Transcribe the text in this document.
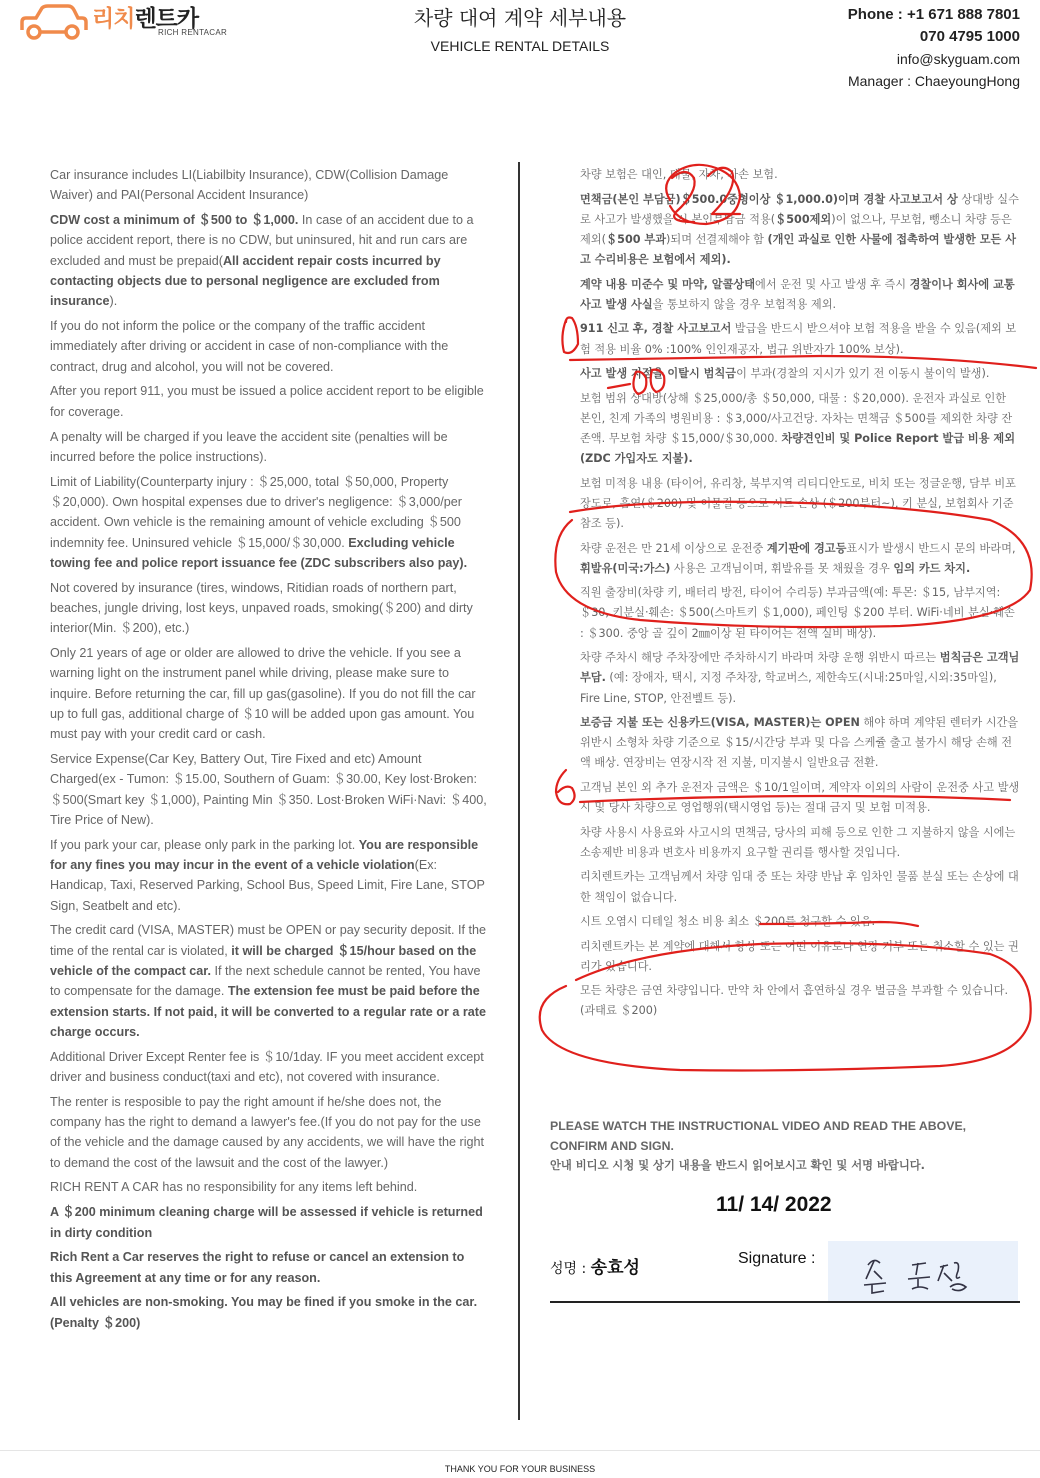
리치렌트카
RICH RENTACAR
차량 대여 계약 세부내용
VEHICLE RENTAL DETAILS
Phone : +1 671 888 7801
070 4795 1000
info@skyguam.com
Manager : ChaeyoungHong

Car insurance includes LI(Liabilbity Insurance), CDW(Collision Damage Waiver) and PAI(Personal Accident Insurance)

CDW cost a minimum of ＄500 to ＄1,000. In case of an accident due to a police accident report, there is no CDW, but uninsured, hit and run cars are excluded and must be prepaid(All accident repair costs incurred by contacting objects due to personal negligence are excluded from insurance).

If you do not inform the police or the company of the traffic accident immediately after driving or accident in case of non-compliance with the contract, drug and alcohol, you will not be covered.

After you report 911, you must be issued a police accident report to be eligible for coverage.

A penalty will be charged if you leave the accident site (penalties will be incurred before the police instructions).

Limit of Liability(Counterparty injury : ＄25,000, total ＄50,000, Property ＄20,000). Own hospital expenses due to driver's negligence: ＄3,000/per accident. Own vehicle is the remaining amount of vehicle excluding ＄500 indemnity fee. Uninsured vehicle ＄15,000/＄30,000. Excluding vehicle towing fee and police report issuance fee (ZDC subscribers also pay).

Not covered by insurance (tires, windows, Ritidian roads of northern part, beaches, jungle driving, lost keys, unpaved roads, smoking(＄200) and dirty interior(Min. ＄200), etc.)

Only 21 years of age or older are allowed to drive the vehicle. If you see a warning light on the instrument panel while driving, please make sure to inquire. Before returning the car, fill up gas(gasoline). If you do not fill the car up to full gas, additional charge of ＄10 will be added upon gas amount. You must pay with your credit card or cash.

Service Expense(Car Key, Battery Out, Tire Fixed and etc) Amount Charged(ex - Tumon: ＄15.00, Southern of Guam: ＄30.00, Key lost·Broken: ＄500(Smart key ＄1,000), Painting Min ＄350. Lost·Broken WiFi·Navi: ＄400, Tire Price of New).

If you park your car, please only park in the parking lot. You are responsible for any fines you may incur in the event of a vehicle violation(Ex: Handicap, Taxi, Reserved Parking, School Bus, Speed Limit, Fire Lane, STOP Sign, Seatbelt and etc).

The credit card (VISA, MASTER) must be OPEN or pay security deposit. If the time of the rental car is violated, it will be charged ＄15/hour based on the vehicle of the compact car. If the next schedule cannot be rented, You have to compensate for the damage. The extension fee must be paid before the extension starts. If not paid, it will be converted to a regular rate or a rate charge occurs.

Additional Driver Except Renter fee is ＄10/1day. IF you meet accident except driver and business conduct(taxi and etc), not covered with insurance.

The renter is resposible to pay the right amount if he/she does not, the company has the right to demand a lawyer's fee.(If you do not pay for the use of the vehicle and the damage caused by any accidents, we will have the right to demand the cost of the lawsuit and the cost of the lawyer.)

RICH RENT A CAR has no responsibility for any items left behind.

A ＄200 minimum cleaning charge will be assessed if vehicle is returned in dirty condition

Rich Rent a Car reserves the right to refuse or cancel an extension to this Agreement at any time or for any reason.

All vehicles are non-smoking. You may be fined if you smoke in the car. (Penalty ＄200)

차량 보험은 대인, 대물, 자차, 자손 보험.

면책금(본인 부담금)＄500.0중형이상 ＄1,000.0)이며 경찰 사고보고서 상 상대방 실수로 사고가 발생했을 시 본인부담금 적용(＄500제외)이 없으나, 무보험, 뺑소니 차량 등은 제외(＄500 부과)되며 선결제해야 함 (개인 과실로 인한 사물에 접촉하여 발생한 모든 사고 수리비용은 보험에서 제외).

계약 내용 미준수 및 마약, 알콜상태에서 운전 및 사고 발생 후 즉시 경찰이나 회사에 교통 사고 발생 사실을 통보하지 않을 경우 보험적용 제외.

911 신고 후, 경찰 사고보고서 발급을 반드시 받으셔야 보험 적용을 받을 수 있음(제외 보험 적용 비율 0% :100% 인인재공자, 법규 위반자가 100% 보상).

사고 발생 지점을 이탈시 범칙금이 부과(경찰의 지시가 있기 전 이동시 불이익 발생).

보험 범위 상대방(상해 ＄25,000/총 ＄50,000, 대물 : ＄20,000). 운전자 과실로 인한 본인, 친계 가족의 병원비용 : ＄3,000/사고건당. 자차는 면책금 ＄500를 제외한 차량 잔존액. 무보험 차량 ＄15,000/＄30,000. 차량견인비 및 Police Report 발급 비용 제외 (ZDC 가입자도 지불).

보험 미적용 내용 (타이어, 유리창, 북부지역 리티디안도로, 비치 또는 정글운행, 담부 비포장도로, 흡연(＄200) 및 이물질 등으로 시트 손상 (＄200부터~), 키 분실, 보험회사 기준 참조 등).

차량 운전은 만 21세 이상으로 운전중 계기판에 경고등표시가 발생시 반드시 문의 바라며, 휘발유(미국:가스) 사용은 고객님이며, 휘발유를 못 채웠을 경우 임의 카드 차지.

직원 출장비(차량 키, 배터리 방전, 타이어 수리등) 부과금액(예: 투몬: ＄15, 남부지역: ＄30, 키분실·훼손: ＄500(스마트키 ＄1,000), 페인팅 ＄200 부터. WiFi·네비 분실·훼손 : ＄300. 중앙 골 깊이 2㎜이상 된 타이어는 전액 실비 배상).

차량 주차시 해당 주차장에만 주차하시기 바라며 차량 운행 위반시 따르는 범칙금은 고객님 부담. (예: 장애자, 택시, 지정 주차장, 학교버스, 제한속도(시내:25마일,시외:35마일), Fire Line, STOP, 안전벨트 등).

보증금 지불 또는 신용카드(VISA, MASTER)는 OPEN 해야 하며 계약된 렌터카 시간을 위반시 소형차 차량 기준으로 ＄15/시간당 부과 및 다음 스케쥴 출고 불가시 해당 손해 전액 배상. 연장비는 연장시작 전 지불, 미지불시 일반요금 전환.

고객님 본인 외 추가 운전자 금액은 ＄10/1일이며, 계약자 이외의 사람이 운전중 사고 발생시 및 당사 차량으로 영업행위(택시영업 등)는 절대 금지 및 보험 미적용.

차량 사용시 사용료와 사고시의 면책금, 당사의 피해 등으로 인한 그 지불하지 않을 시에는 소송제반 비용과 변호사 비용까지 요구할 권리를 행사할 것입니다.

리치렌트카는 고객님께서 차량 임대 중 또는 차량 반납 후 임차인 물품 분실 또는 손상에 대한 책임이 없습니다.

시트 오염시 디테일 청소 비용 최소 ＄200를 청구할 수 있음.

리치렌트카는 본 계약에 대해서 항상 또는 어떤 이유로나 연장 거부 또는 취소할 수 있는 권리가 있습니다.

모든 차량은 금연 차량입니다. 만약 차 안에서 흡연하실 경우 벌금을 부과할 수 있습니다. (과태료 ＄200)

PLEASE WATCH THE INSTRUCTIONAL VIDEO AND READ THE ABOVE, CONFIRM AND SIGN.
안내 비디오 시청 및 상기 내용을 반드시 읽어보시고 확인 및 서명 바랍니다.
11/ 14/ 2022
성명 : 송효성	Signature :
THANK YOU FOR YOUR BUSINESS
